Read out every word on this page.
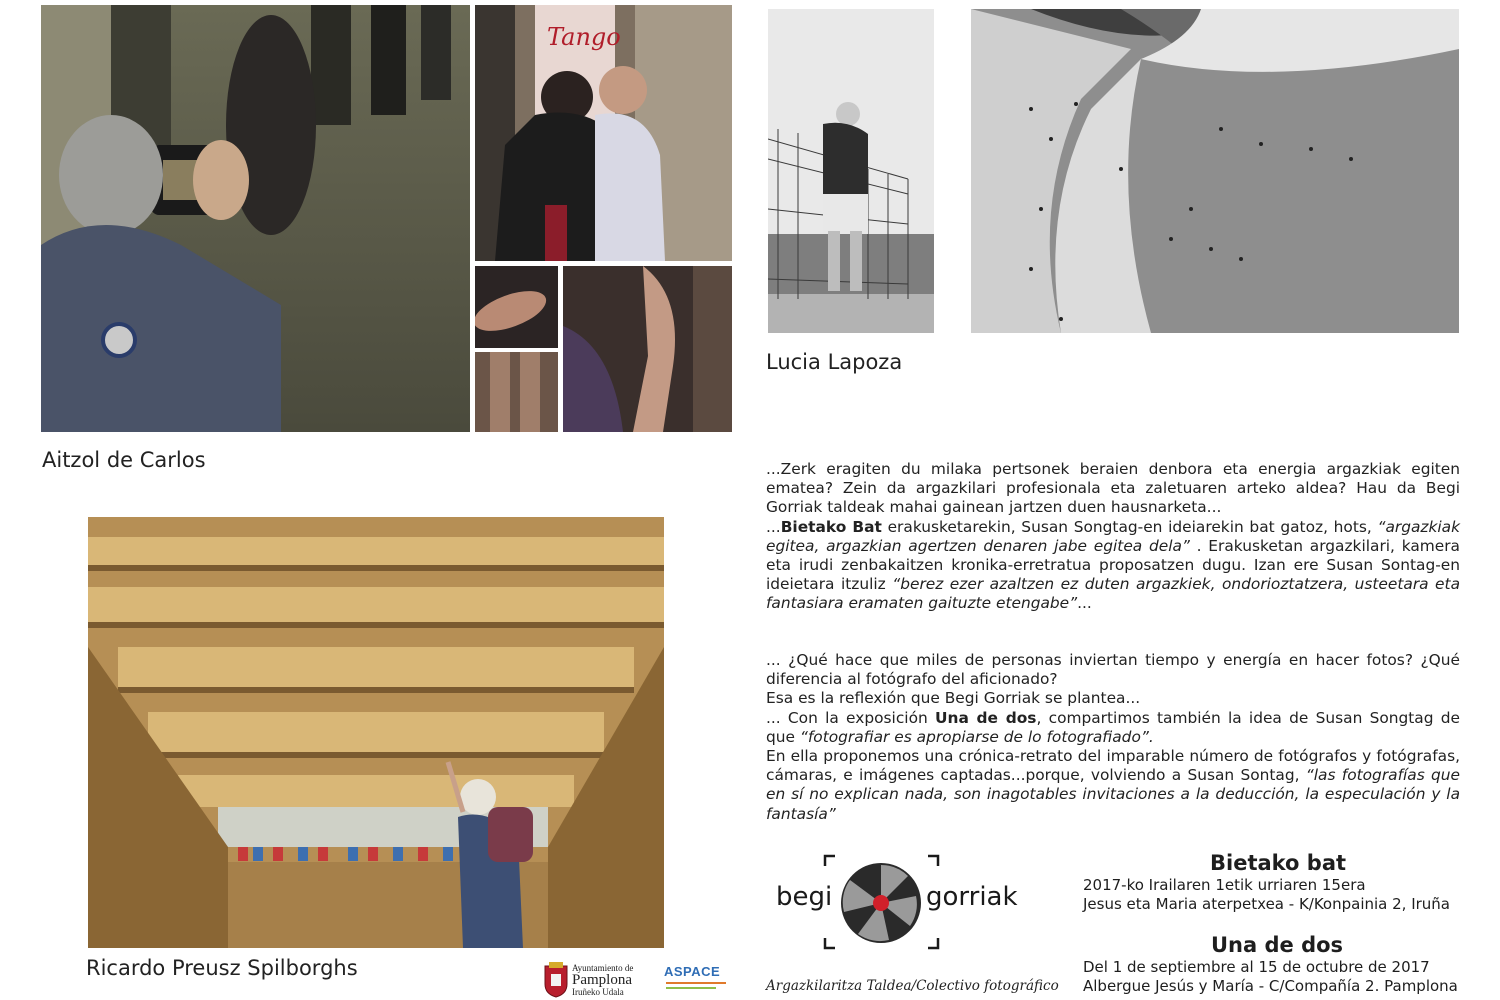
Tango
Aitzol de Carlos
Lucia Lapoza
Ricardo Preusz Spilborghs	Ayuntamiento de
Pamplona
Iruñeko Udala
ASPACE

...Zerk eragiten du milaka pertsonek beraien denbora eta energia argazkiak egiten ematea? Zein da argazkilari profesionala eta zaletuaren arteko aldea? Hau da Begi Gorriak taldeak mahai gainean jartzen duen hausnarketa...

...Bietako Bat erakusketarekin, Susan Songtag-en ideiarekin bat gatoz, hots, “argazkiak egitea, argazkian agertzen denaren jabe egitea dela” . Erakusketan argazkilari, kamera eta irudi zenbakaitzen kronika-erretratua proposatzen dugu. Izan ere Susan Sontag-en ideietara itzuliz “berez ezer azaltzen ez duten argazkiek, ondorioztatzera, usteetara eta fantasiara eramaten gaituzte etengabe”...

... ¿Qué hace que miles de personas inviertan tiempo y energía en hacer fotos? ¿Qué diferencia al fotógrafo del aficionado?

Esa es la reflexión que Begi Gorriak se plantea...

... Con la exposición Una de dos, compartimos también la idea de Susan Songtag de que “fotografiar es apropiarse de lo fotografiado”.

En ella proponemos una crónica-retrato del imparable número de fotógrafos y fotógrafas, cámaras, e imágenes captadas...porque, volviendo a Susan Sontag, “las fotografías que en sí no explican nada, son inagotables invitaciones a la deducción, la especulación y la fantasía”

begi	gorriak
Argazkilaritza Taldea/Colectivo fotográfico
Bietako bat
2017-ko Irailaren 1etik urriaren 15era
Jesus eta Maria aterpetxea - K/Konpainia 2, Iruña
Una de dos
Del 1 de septiembre al 15 de octubre de 2017
Albergue Jesús y María - C/Compañía 2. Pamplona
